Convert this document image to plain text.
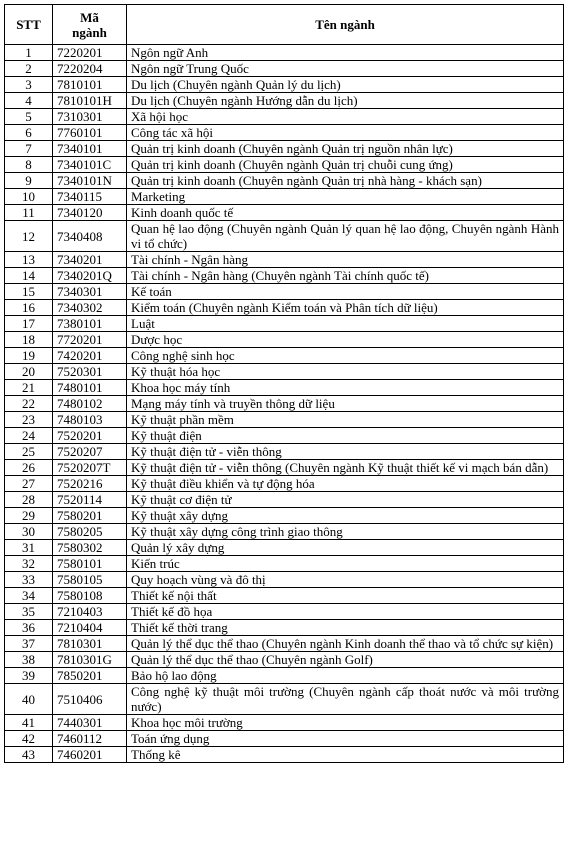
STT	Mã ngành	Tên ngành
1	7220201	Ngôn ngữ Anh
2	7220204	Ngôn ngữ Trung Quốc
3	7810101	Du lịch (Chuyên ngành Quản lý du lịch)
4	7810101H	Du lịch (Chuyên ngành Hướng dẫn du lịch)
5	7310301	Xã hội học
6	7760101	Công tác xã hội
7	7340101	Quản trị kinh doanh (Chuyên ngành Quản trị nguồn nhân lực)
8	7340101C	Quản trị kinh doanh (Chuyên ngành Quản trị chuỗi cung ứng)
9	7340101N	Quản trị kinh doanh (Chuyên ngành Quản trị nhà hàng - khách sạn)
10	7340115	Marketing
11	7340120	Kinh doanh quốc tế
12	7340408	Quan hệ lao động (Chuyên ngành Quản lý quan hệ lao động, Chuyên ngành Hành vi tổ chức)
13	7340201	Tài chính - Ngân hàng
14	7340201Q	Tài chính - Ngân hàng (Chuyên ngành Tài chính quốc tế)
15	7340301	Kế toán
16	7340302	Kiểm toán (Chuyên ngành Kiểm toán và Phân tích dữ liệu)
17	7380101	Luật
18	7720201	Dược học
19	7420201	Công nghệ sinh học
20	7520301	Kỹ thuật hóa học
21	7480101	Khoa học máy tính
22	7480102	Mạng máy tính và truyền thông dữ liệu
23	7480103	Kỹ thuật phần mềm
24	7520201	Kỹ thuật điện
25	7520207	Kỹ thuật điện tử - viễn thông
26	7520207T	Kỹ thuật điện tử - viễn thông (Chuyên ngành Kỹ thuật thiết kế vi mạch bán dẫn)
27	7520216	Kỹ thuật điều khiển và tự động hóa
28	7520114	Kỹ thuật cơ điện tử
29	7580201	Kỹ thuật xây dựng
30	7580205	Kỹ thuật xây dựng công trình giao thông
31	7580302	Quản lý xây dựng
32	7580101	Kiến trúc
33	7580105	Quy hoạch vùng và đô thị
34	7580108	Thiết kế nội thất
35	7210403	Thiết kế đồ họa
36	7210404	Thiết kế thời trang
37	7810301	Quản lý thể dục thể thao (Chuyên ngành Kinh doanh thể thao và tổ chức sự kiện)
38	7810301G	Quản lý thể dục thể thao (Chuyên ngành Golf)
39	7850201	Bảo hộ lao động
40	7510406	Công nghệ kỹ thuật môi trường (Chuyên ngành cấp thoát nước và môi trường nước)
41	7440301	Khoa học môi trường
42	7460112	Toán ứng dụng
43	7460201	Thống kê
